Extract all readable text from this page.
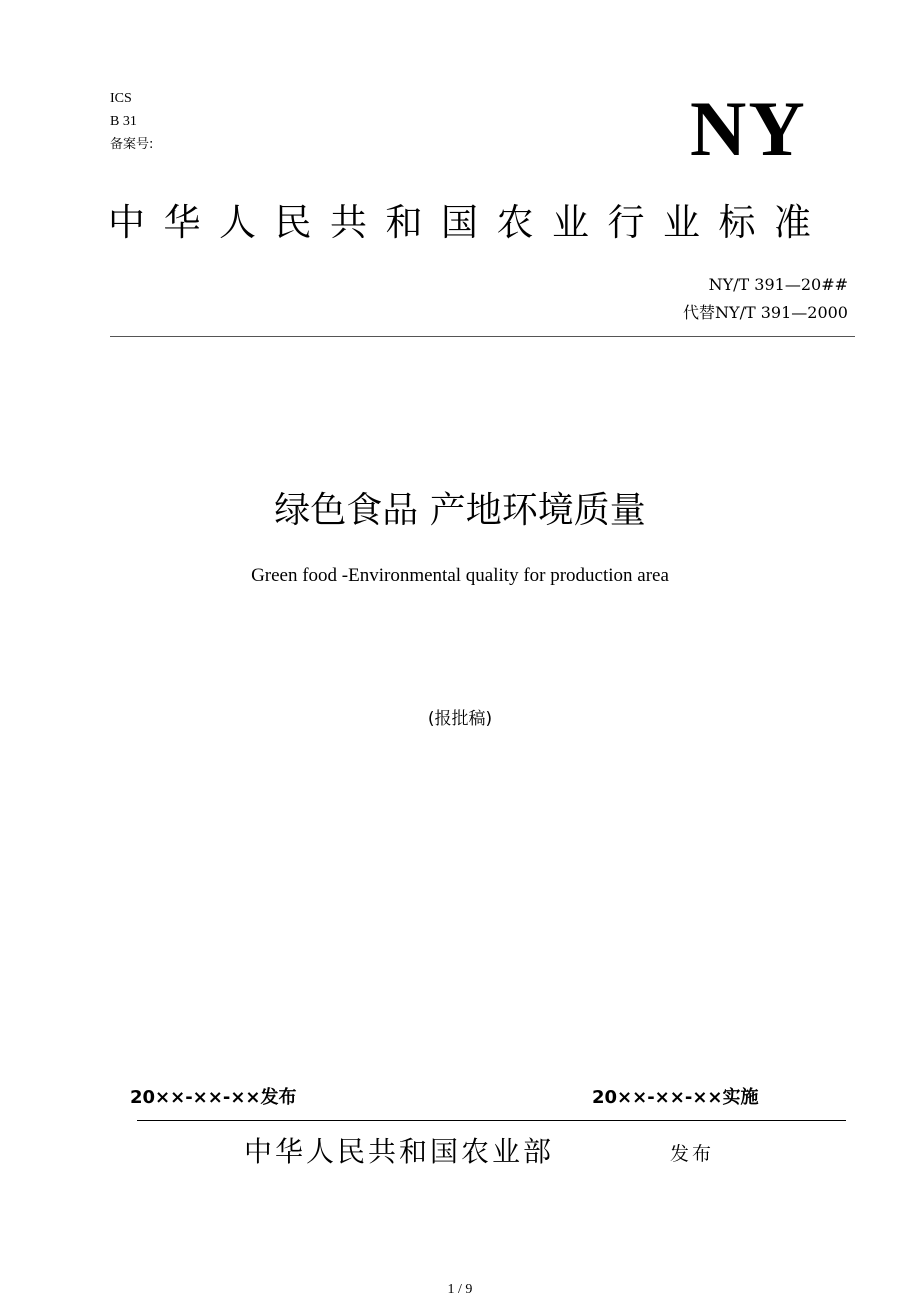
ICS
B 31
备案号:	NY
中华人民共和国农业行业标准
NY/T 391—20##
代替NY/T 391—2000
绿色食品 产地环境质量
Green food -Environmental quality for production area
(报批稿)
20××-××-××发布	20××-××-××实施
中华人民共和国农业部	发布
1 / 9
